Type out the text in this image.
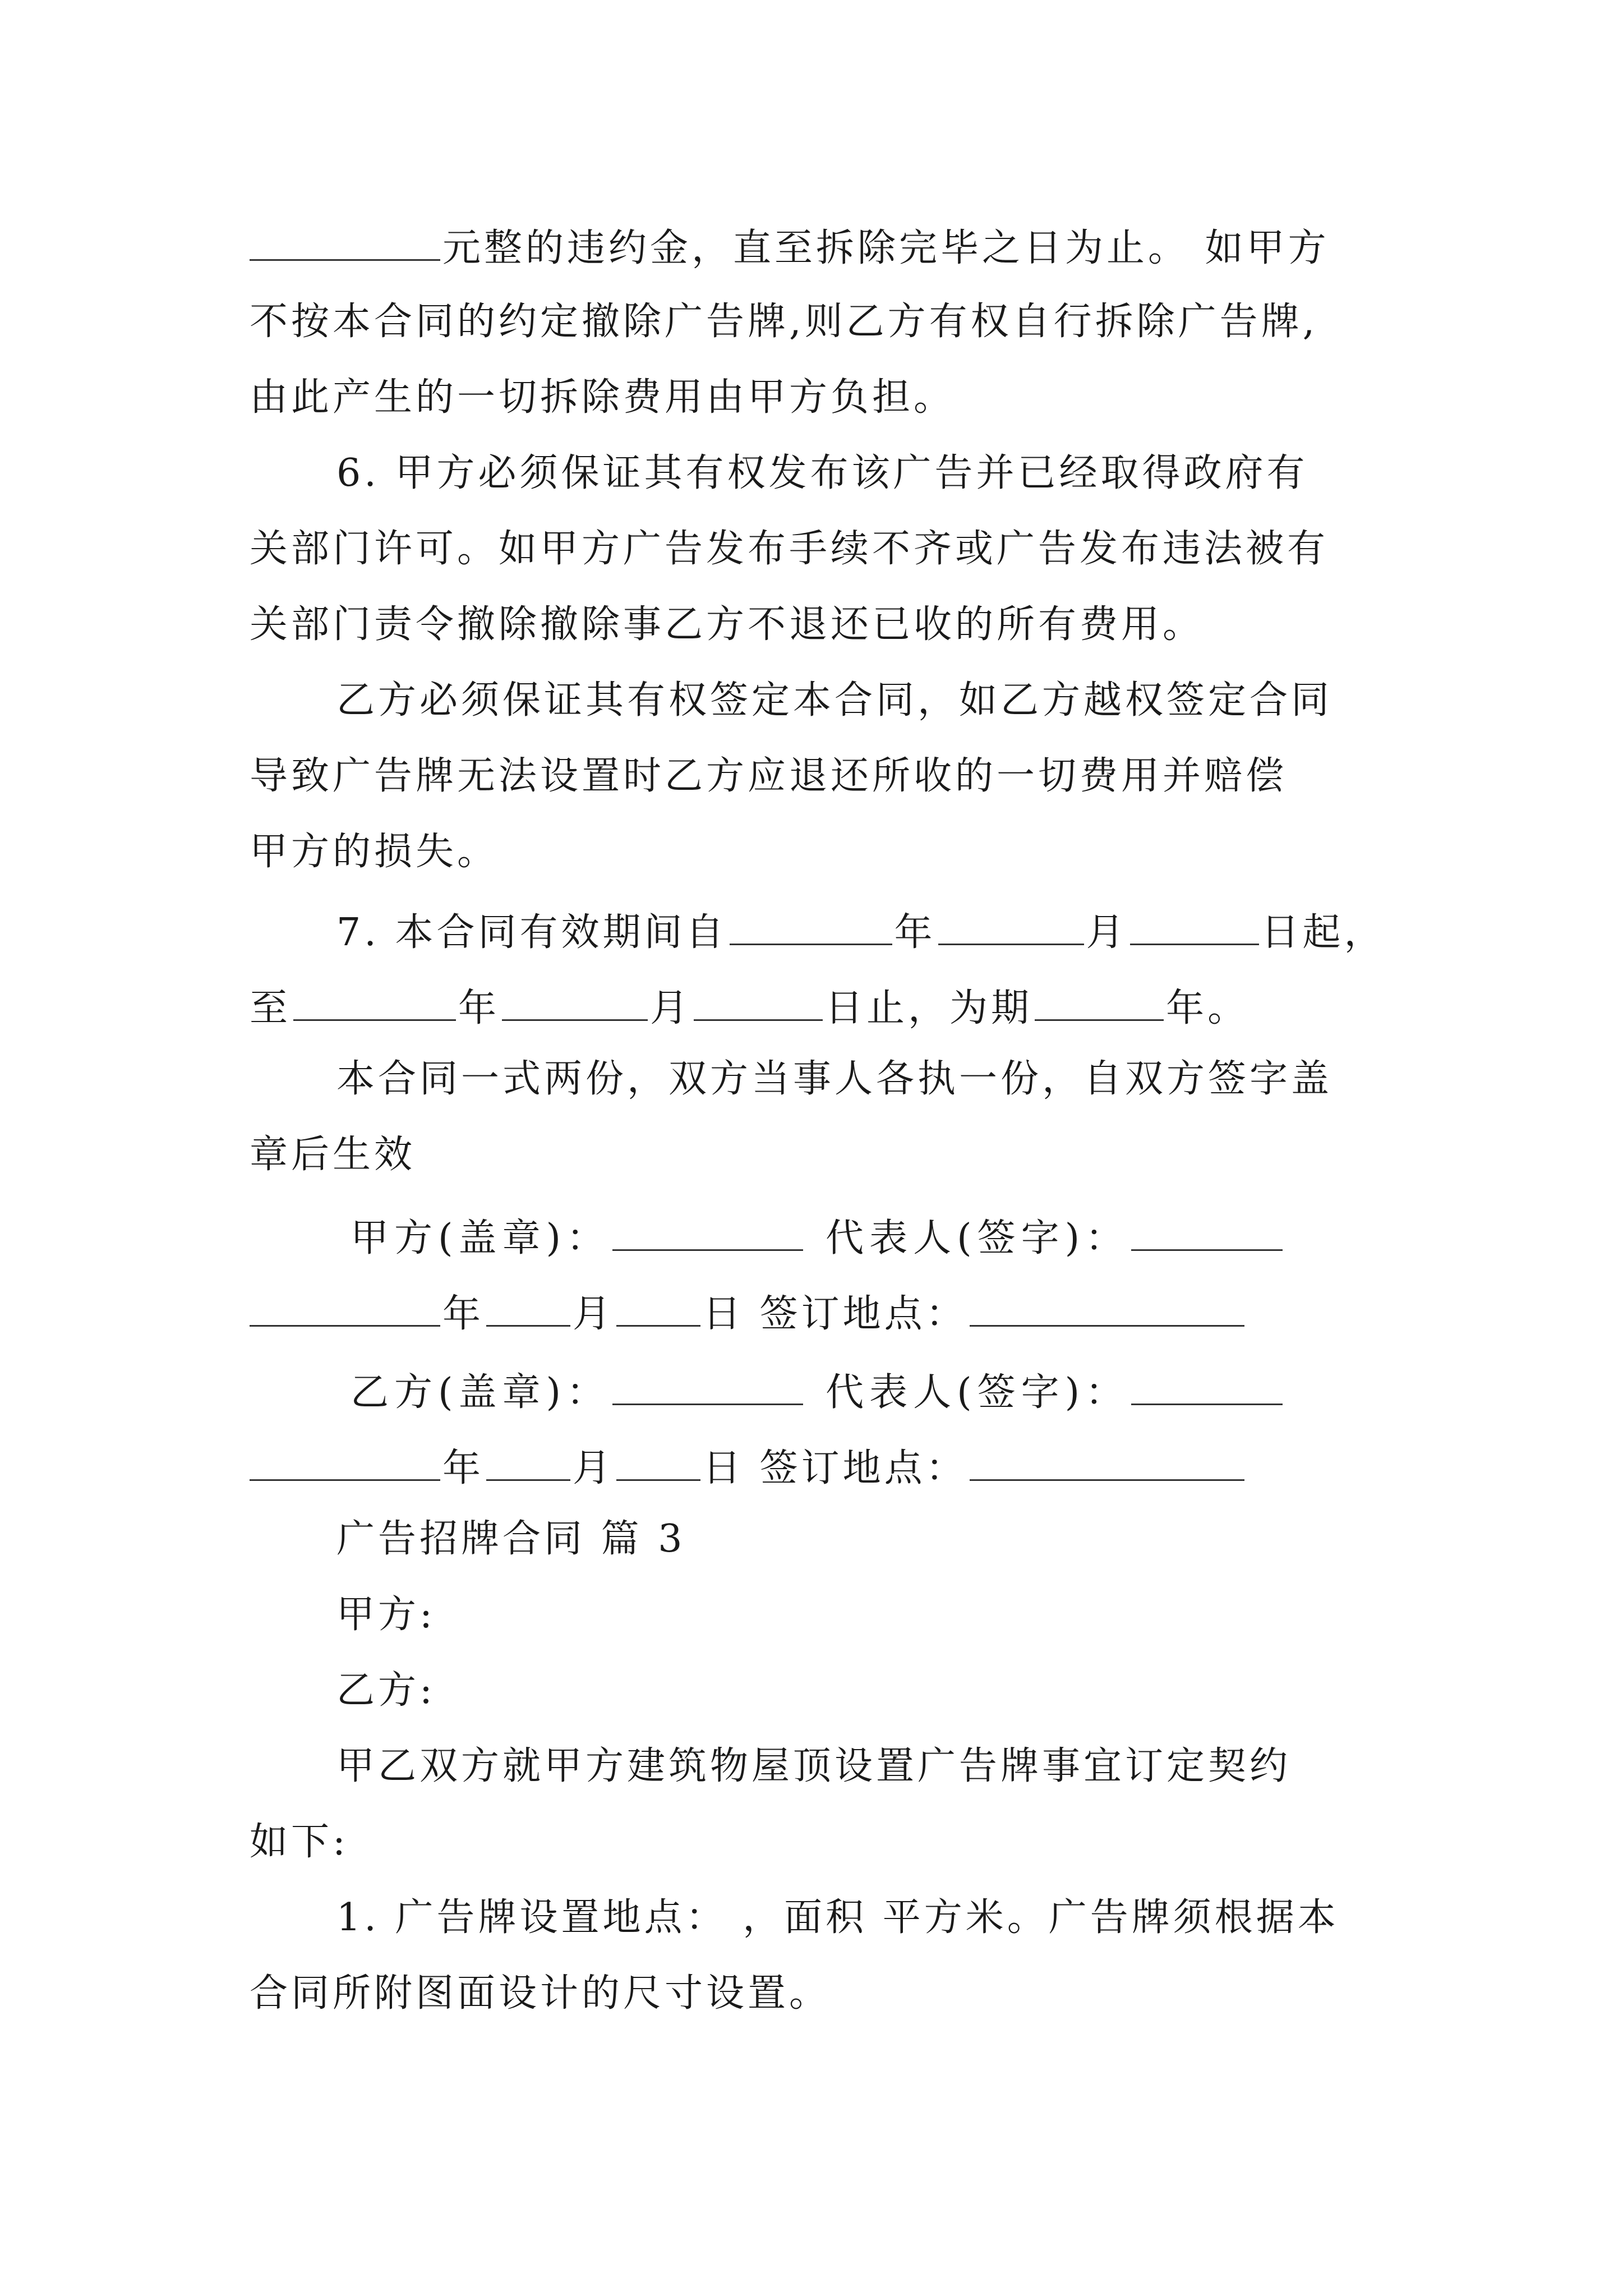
元整的违约金，直至拆除完毕之日为止。 如甲方
不按本合同的约定撤除广告牌,则乙方有权自行拆除广告牌,
由此产生的一切拆除费用由甲方负担。
6. 甲方必须保证其有权发布该广告并已经取得政府有
关部门许可。如甲方广告发布手续不齐或广告发布违法被有
关部门责令撤除撤除事乙方不退还已收的所有费用。
乙方必须保证其有权签定本合同，如乙方越权签定合同
导致广告牌无法设置时乙方应退还所收的一切费用并赔偿
甲方的损失。
7. 本合同有效期间自	年	月	日起，
至	年	月	日止，为期	年。
本合同一式两份，双方当事人各执一份，自双方签字盖
章后生效
甲方(盖章)：	代表人(签字)：
年 月 日 签订地点：
乙方(盖章)：	代表人(签字)：
年 月 日 签订地点：
广告招牌合同 篇 3
甲方:
乙方:
甲乙双方就甲方建筑物屋顶设置广告牌事宜订定契约
如下:
1. 广告牌设置地点： ，面积 平方米。广告牌须根据本
合同所附图面设计的尺寸设置。
